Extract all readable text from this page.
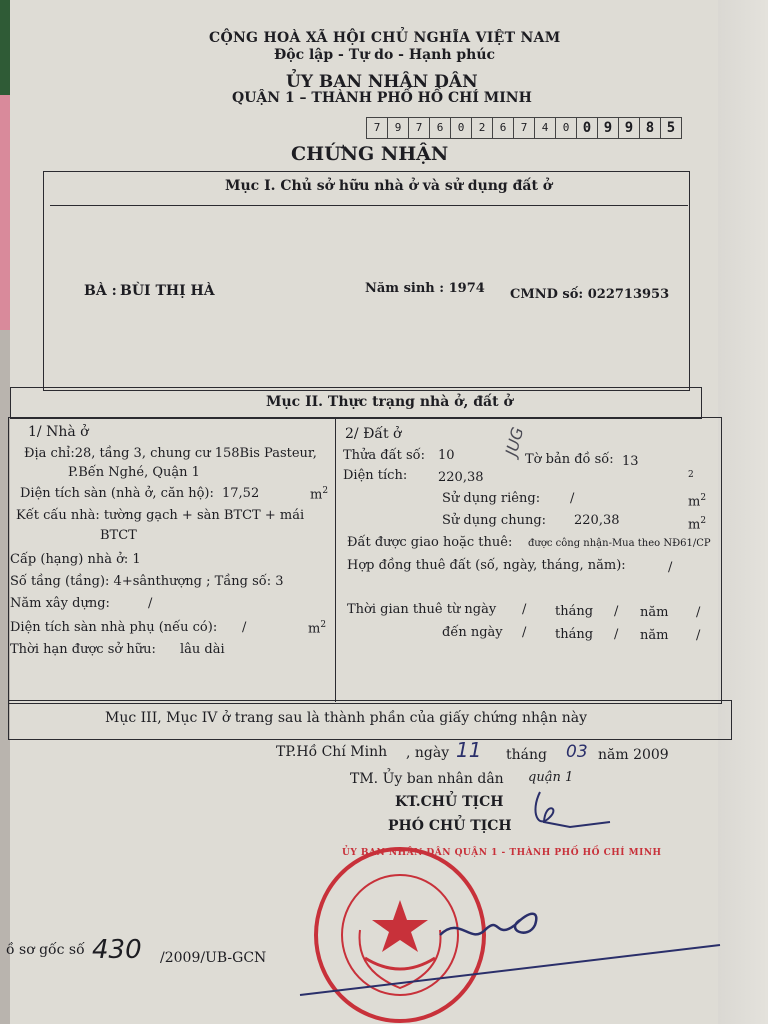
CỘNG HOÀ XÃ HỘI CHỦ NGHĨA VIỆT NAM
Độc lập - Tự do - Hạnh phúc
ỦY BAN NHÂN DÂN
QUẬN 1 – THÀNH PHỐ HỒ CHÍ MINH
7	9	7	6	0	2	6	7	4	0 0 9 9 8 5
CHỨNG NHẬN
Mục I. Chủ sở hữu nhà ở và sử dụng đất ở
BÀ : BÙI THỊ HÀ	Năm sinh : 1974 CMND số: 022713953
Mục II. Thực trạng nhà ở, đất ở
1/ Nhà ở
Địa chỉ:28, tầng 3, chung cư 158Bis Pasteur,
P.Bến Nghé, Quận 1
Diện tích sàn (nhà ở, căn hộ): 17,52	$m^2$
Kết cấu nhà: tường gạch + sàn BTCT + mái
BTCT
Cấp (hạng) nhà ở: 1
Số tầng (tầng): 4+sânthượng ; Tầng số: 3
Năm xây dựng:	/
Diện tích sàn nhà phụ (nếu có): /	$m^2$
Thời hạn được sở hữu: lâu dài
2/ Đất ở
Thửa đất số: 10	Tờ bản đồ số: 13
Diện tích: 220,38	$^2$
Sử dụng riêng: /	$m^2$
Sử dụng chung: 220,38	$m^2$
Đất được giao hoặc thuê: được công nhận-Mua theo NĐ61/CP
Hợp đồng thuê đất (số, ngày, tháng, năm):	/
Thời gian thuê từ ngày / tháng / năm /
đến ngày / tháng / năm /
JUG
Mục III, Mục IV ở trang sau là thành phần của giấy chứng nhận này
TP.Hồ Chí Minh , ngày 11 tháng 03 năm 2009
TM. Ủy ban nhân dân quận 1
KT.CHỦ TỊCH
PHÓ CHỦ TỊCH
ỦY BAN NHÂN DÂN QUẬN 1 - THÀNH PHỐ HỒ CHÍ MINH
ồ sơ gốc số 430 /2009/UB-GCN
